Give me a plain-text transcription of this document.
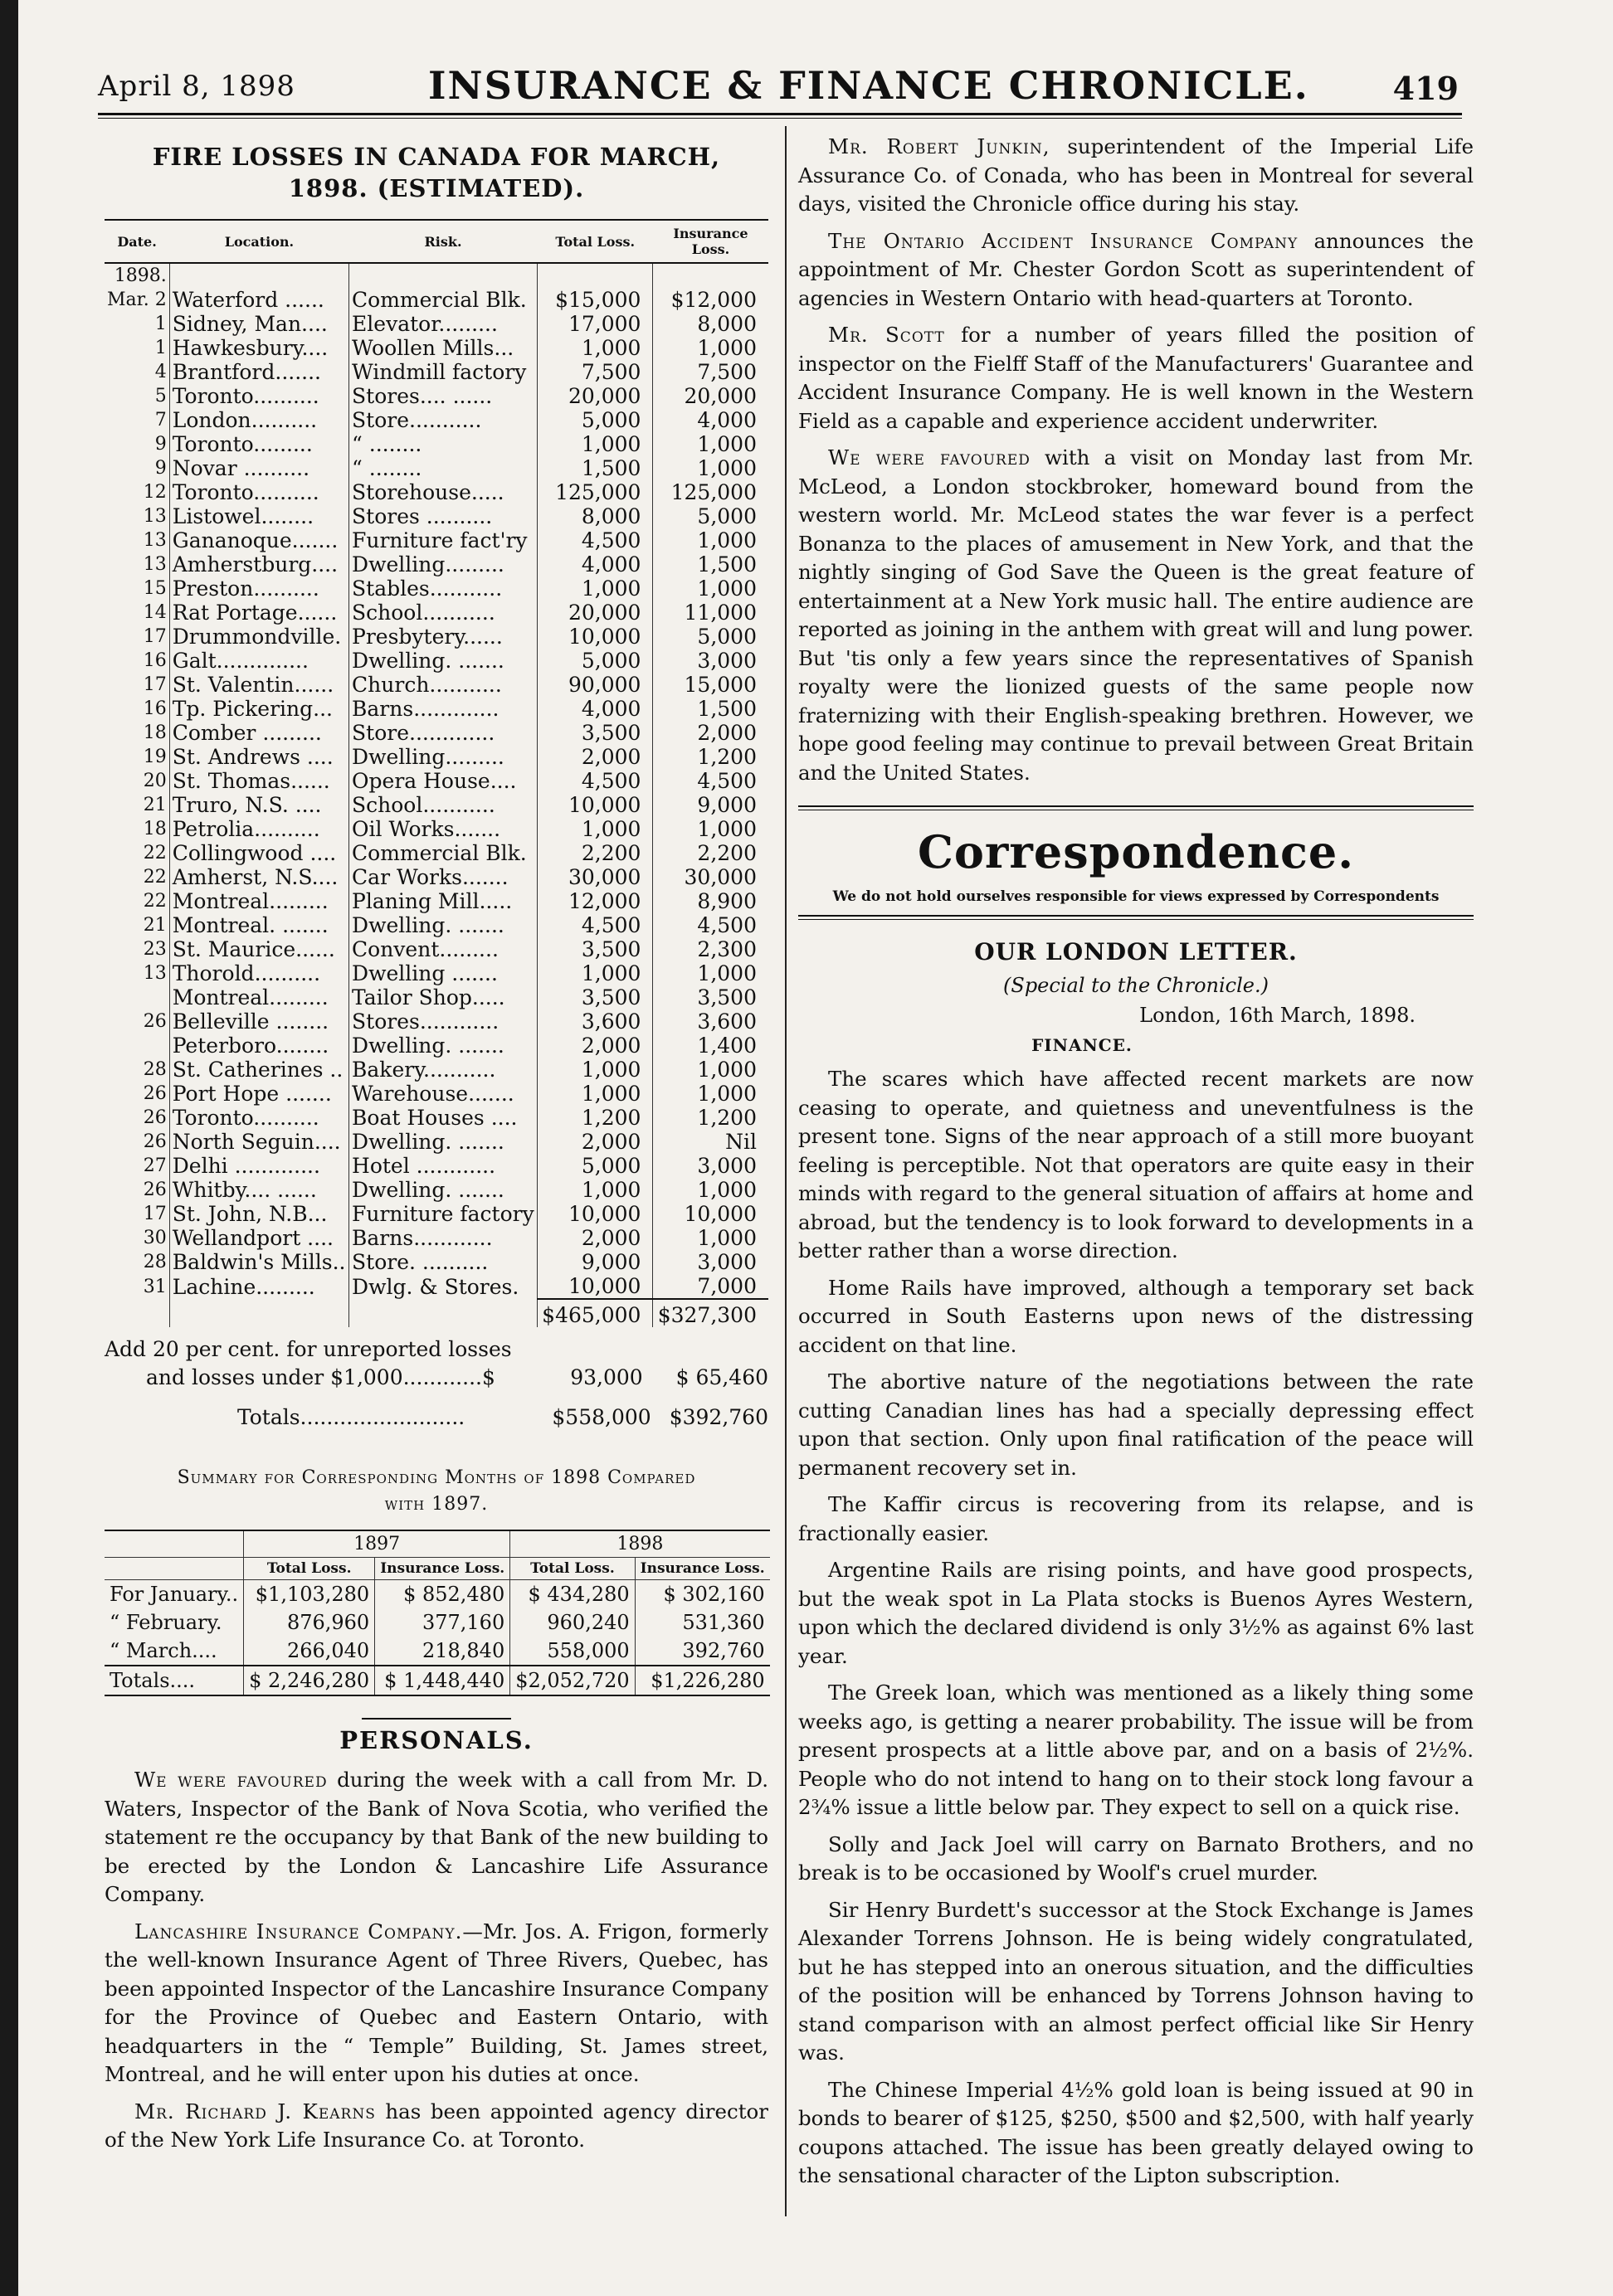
April 8, 1898	INSURANCE & FINANCE CHRONICLE.	419
FIRE LOSSES IN CANADA FOR MARCH,
1898. (ESTIMATED).
Date.	Location.	Risk.	Total Loss.	Insurance Loss.
1898.				
Mar. 2	Waterford ......	Commercial Blk.	$15,000	$12,000
1	Sidney, Man....	Elevator.........	17,000	8,000
1	Hawkesbury....	Woollen Mills...	1,000	1,000
4	Brantford.......	Windmill factory	7,500	7,500
5	Toronto..........	Stores.... ......	20,000	20,000
7	London..........	Store...........	5,000	4,000
9	Toronto.........	“ ........	1,000	1,000
9	Novar ..........	“ ........	1,500	1,000
12	Toronto..........	Storehouse.....	125,000	125,000
13	Listowel........	Stores ..........	8,000	5,000
13	Gananoque.......	Furniture fact'ry	4,500	1,000
13	Amherstburg....	Dwelling.........	4,000	1,500
15	Preston..........	Stables...........	1,000	1,000
14	Rat Portage......	School...........	20,000	11,000
17	Drummondville.	Presbytery......	10,000	5,000
16	Galt..............	Dwelling. .......	5,000	3,000
17	St. Valentin......	Church...........	90,000	15,000
16	Tp. Pickering...	Barns.............	4,000	1,500
18	Comber .........	Store.............	3,500	2,000
19	St. Andrews ....	Dwelling.........	2,000	1,200
20	St. Thomas......	Opera House....	4,500	4,500
21	Truro, N.S. ....	School...........	10,000	9,000
18	Petrolia..........	Oil Works.......	1,000	1,000
22	Collingwood ....	Commercial Blk.	2,200	2,200
22	Amherst, N.S....	Car Works.......	30,000	30,000
22	Montreal.........	Planing Mill.....	12,000	8,900
21	Montreal. .......	Dwelling. .......	4,500	4,500
23	St. Maurice......	Convent.........	3,500	2,300
13	Thorold..........	Dwelling .......	1,000	1,000
	Montreal.........	Tailor Shop.....	3,500	3,500
26	Belleville ........	Stores............	3,600	3,600
	Peterboro........	Dwelling. .......	2,000	1,400
28	St. Catherines ..	Bakery...........	1,000	1,000
26	Port Hope .......	Warehouse.......	1,000	1,000
26	Toronto..........	Boat Houses ....	1,200	1,200
26	North Seguin....	Dwelling. .......	2,000	Nil
27	Delhi .............	Hotel ............	5,000	3,000
26	Whitby.... ......	Dwelling. .......	1,000	1,000
17	St. John, N.B...	Furniture factory	10,000	10,000
30	Wellandport ....	Barns............	2,000	1,000
28	Baldwin's Mills..	Store. ..........	9,000	3,000
31	Lachine.........	Dwlg. & Stores.	10,000	7,000
			$465,000	$327,300
Add 20 per cent. for unreported losses
and losses under $1,000............$	93,000 $ 65,460
Totals.........................	$558,000 $392,760
Summary for Corresponding Months of 1898 Compared
with 1897.
	1897		1898	
	Total Loss.	Insurance Loss.	Total Loss.	Insurance Loss.
For January..	$1,103,280	$ 852,480	$ 434,280	$ 302,160
“ February.	876,960	377,160	960,240	531,360
“ March....	266,040	218,840	558,000	392,760
Totals....	$ 2,246,280	$ 1,448,440	$2,052,720	$1,226,280
PERSONALS.

We were favoured during the week with a call from Mr. D. Waters, Inspector of the Bank of Nova Scotia, who verified the statement re the occupancy by that Bank of the new building to be erected by the London & Lancashire Life Assurance Company.

Lancashire Insurance Company.—Mr. Jos. A. Frigon, formerly the well-known Insurance Agent of Three Rivers, Quebec, has been appointed Inspector of the Lancashire Insurance Company for the Province of Quebec and Eastern Ontario, with headquarters in the “ Temple” Building, St. James street, Montreal, and he will enter upon his duties at once.

Mr. Richard J. Kearns has been appointed agency director of the New York Life Insurance Co. at Toronto.

Mr. Robert Junkin, superintendent of the Imperial Life Assurance Co. of Conada, who has been in Montreal for several days, visited the Chronicle office during his stay.

The Ontario Accident Insurance Company announces the appointment of Mr. Chester Gordon Scott as superintendent of agencies in Western Ontario with head-quarters at Toronto.

Mr. Scott for a number of years filled the position of inspector on the Fielff Staff of the Manufacturers' Guarantee and Accident Insurance Company. He is well known in the Western Field as a capable and experience accident underwriter.

We were favoured with a visit on Monday last from Mr. McLeod, a London stockbroker, homeward bound from the western world. Mr. McLeod states the war fever is a perfect Bonanza to the places of amusement in New York, and that the nightly singing of God Save the Queen is the great feature of entertainment at a New York music hall. The entire audience are reported as joining in the anthem with great will and lung power. But 'tis only a few years since the representatives of Spanish royalty were the lionized guests of the same people now fraternizing with their English-speaking brethren. However, we hope good feeling may continue to prevail between Great Britain and the United States.

Correspondence.
We do not hold ourselves responsible for views expressed by Correspondents
OUR LONDON LETTER.
(Special to the Chronicle.)
London, 16th March, 1898.
FINANCE.

The scares which have affected recent markets are now ceasing to operate, and quietness and uneventfulness is the present tone. Signs of the near approach of a still more buoyant feeling is perceptible. Not that operators are quite easy in their minds with regard to the general situation of affairs at home and abroad, but the tendency is to look forward to developments in a better rather than a worse direction.

Home Rails have improved, although a temporary set back occurred in South Easterns upon news of the distressing accident on that line.

The abortive nature of the negotiations between the rate cutting Canadian lines has had a specially depressing effect upon that section. Only upon final ratification of the peace will permanent recovery set in.

The Kaffir circus is recovering from its relapse, and is fractionally easier.

Argentine Rails are rising points, and have good prospects, but the weak spot in La Plata stocks is Buenos Ayres Western, upon which the declared dividend is only 3½% as against 6% last year.

The Greek loan, which was mentioned as a likely thing some weeks ago, is getting a nearer probability. The issue will be from present prospects at a little above par, and on a basis of 2½%. People who do not intend to hang on to their stock long favour a 2¾% issue a little below par. They expect to sell on a quick rise.

Solly and Jack Joel will carry on Barnato Brothers, and no break is to be occasioned by Woolf's cruel murder.

Sir Henry Burdett's successor at the Stock Exchange is James Alexander Torrens Johnson. He is being widely congratulated, but he has stepped into an onerous situation, and the difficulties of the position will be enhanced by Torrens Johnson having to stand comparison with an almost perfect official like Sir Henry was.

The Chinese Imperial 4½% gold loan is being issued at 90 in bonds to bearer of $125, $250, $500 and $2,500, with half yearly coupons attached. The issue has been greatly delayed owing to the sensational character of the Lipton subscription.
